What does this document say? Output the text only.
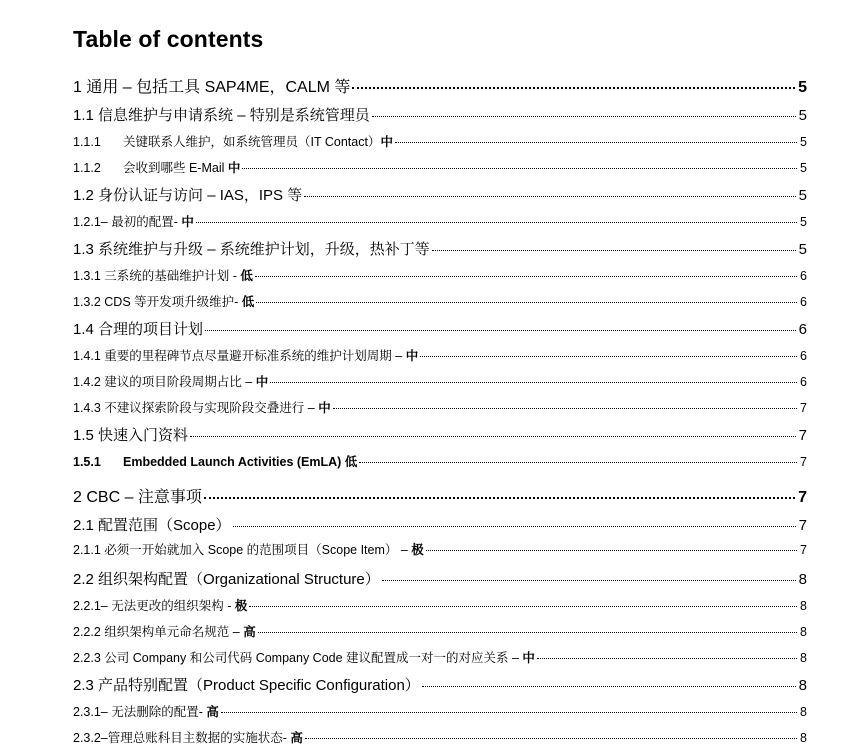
Table of contents
1 通用 – 包括工具 SAP4ME，CALM 等	5
1.1 信息维护与申请系统 – 特别是系统管理员	5
1.1.1 关键联系人维护，如系统管理员（IT Contact）中	5
1.1.2 会收到哪些 E-Mail 中	5
1.2 身份认证与访问 – IAS，IPS 等	5
1.2.1– 最初的配置- 中	5
1.3 系统维护与升级 – 系统维护计划，升级，热补丁等	5
1.3.1 三系统的基础维护计划 - 低	6
1.3.2 CDS 等开发项升级维护- 低	6
1.4 合理的项目计划	6
1.4.1 重要的里程碑节点尽量避开标准系统的维护计划周期 – 中	6
1.4.2 建议的项目阶段周期占比 – 中	6
1.4.3 不建议探索阶段与实现阶段交叠进行 – 中	7
1.5 快速入门资料	7
1.5.1 Embedded Launch Activities (EmLA) 低	7
2 CBC – 注意事项	7
2.1 配置范围（Scope）	7
2.1.1 必须一开始就加入 Scope 的范围项目（Scope Item） – 极	7
2.2 组织架构配置（Organizational Structure）	8
2.2.1– 无法更改的组织架构 - 极	8
2.2.2 组织架构单元命名规范 – 高	8
2.2.3 公司 Company 和公司代码 Company Code 建议配置成一对一的对应关系 – 中	8
2.3 产品特别配置（Product Specific Configuration）	8
2.3.1– 无法删除的配置- 高	8
2.3.2–管理总账科目主数据的实施状态- 高	8
